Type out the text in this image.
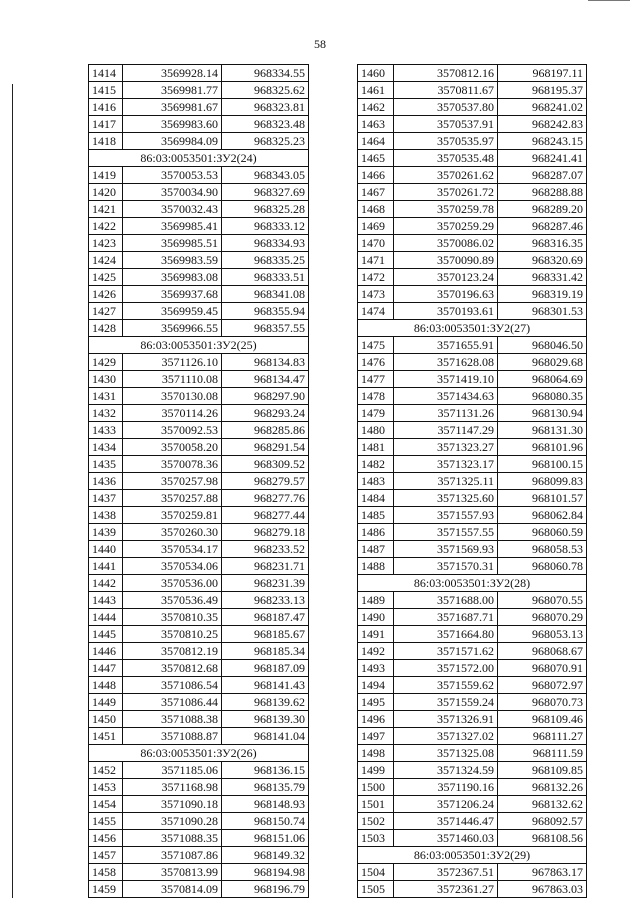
58
1414	3569928.14	968334.55
1415	3569981.77	968325.62
1416	3569981.67	968323.81
1417	3569983.60	968323.48
1418	3569984.09	968325.23
86:03:0053501:ЗУ2(24)		
1419	3570053.53	968343.05
1420	3570034.90	968327.69
1421	3570032.43	968325.28
1422	3569985.41	968333.12
1423	3569985.51	968334.93
1424	3569983.59	968335.25
1425	3569983.08	968333.51
1426	3569937.68	968341.08
1427	3569959.45	968355.94
1428	3569966.55	968357.55
86:03:0053501:ЗУ2(25)		
1429	3571126.10	968134.83
1430	3571110.08	968134.47
1431	3570130.08	968297.90
1432	3570114.26	968293.24
1433	3570092.53	968285.86
1434	3570058.20	968291.54
1435	3570078.36	968309.52
1436	3570257.98	968279.57
1437	3570257.88	968277.76
1438	3570259.81	968277.44
1439	3570260.30	968279.18
1440	3570534.17	968233.52
1441	3570534.06	968231.71
1442	3570536.00	968231.39
1443	3570536.49	968233.13
1444	3570810.35	968187.47
1445	3570810.25	968185.67
1446	3570812.19	968185.34
1447	3570812.68	968187.09
1448	3571086.54	968141.43
1449	3571086.44	968139.62
1450	3571088.38	968139.30
1451	3571088.87	968141.04
86:03:0053501:ЗУ2(26)		
1452	3571185.06	968136.15
1453	3571168.98	968135.79
1454	3571090.18	968148.93
1455	3571090.28	968150.74
1456	3571088.35	968151.06
1457	3571087.86	968149.32
1458	3570813.99	968194.98
1459	3570814.09	968196.79
1460	3570812.16	968197.11
1461	3570811.67	968195.37
1462	3570537.80	968241.02
1463	3570537.91	968242.83
1464	3570535.97	968243.15
1465	3570535.48	968241.41
1466	3570261.62	968287.07
1467	3570261.72	968288.88
1468	3570259.78	968289.20
1469	3570259.29	968287.46
1470	3570086.02	968316.35
1471	3570090.89	968320.69
1472	3570123.24	968331.42
1473	3570196.63	968319.19
1474	3570193.61	968301.53
86:03:0053501:ЗУ2(27)		
1475	3571655.91	968046.50
1476	3571628.08	968029.68
1477	3571419.10	968064.69
1478	3571434.63	968080.35
1479	3571131.26	968130.94
1480	3571147.29	968131.30
1481	3571323.27	968101.96
1482	3571323.17	968100.15
1483	3571325.11	968099.83
1484	3571325.60	968101.57
1485	3571557.93	968062.84
1486	3571557.55	968060.59
1487	3571569.93	968058.53
1488	3571570.31	968060.78
86:03:0053501:ЗУ2(28)		
1489	3571688.00	968070.55
1490	3571687.71	968070.29
1491	3571664.80	968053.13
1492	3571571.62	968068.67
1493	3571572.00	968070.91
1494	3571559.62	968072.97
1495	3571559.24	968070.73
1496	3571326.91	968109.46
1497	3571327.02	968111.27
1498	3571325.08	968111.59
1499	3571324.59	968109.85
1500	3571190.16	968132.26
1501	3571206.24	968132.62
1502	3571446.47	968092.57
1503	3571460.03	968108.56
86:03:0053501:ЗУ2(29)		
1504	3572367.51	967863.17
1505	3572361.27	967863.03
